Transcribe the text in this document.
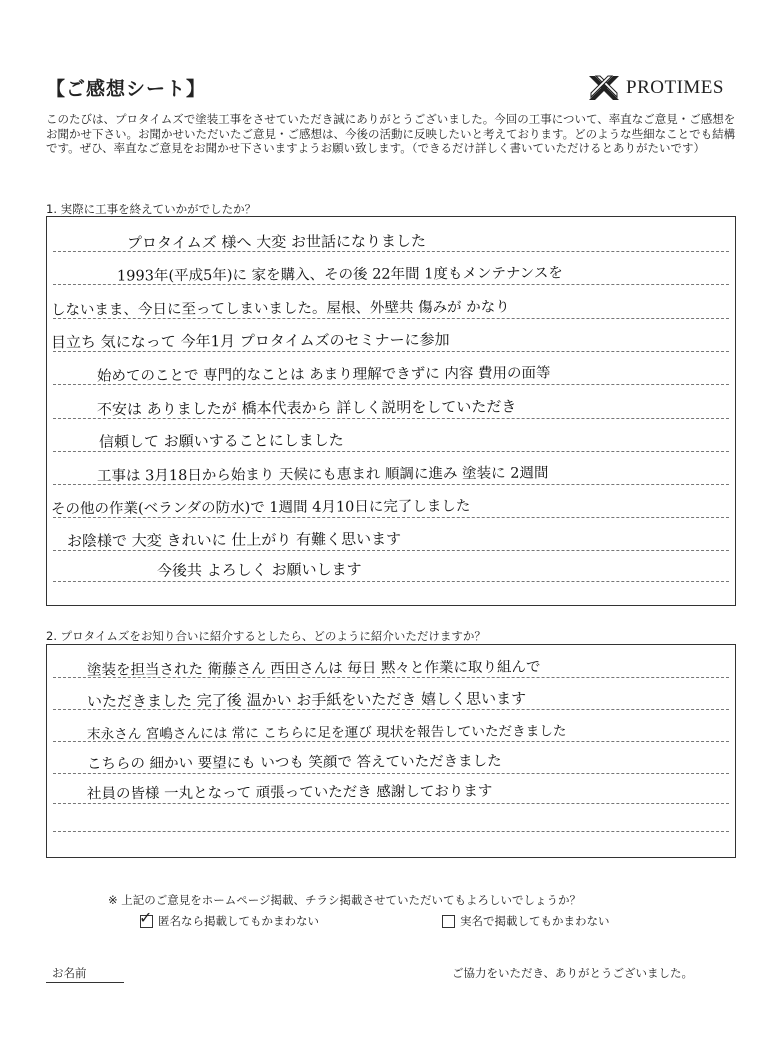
【ご感想シート】	PROTIMES
このたびは、プロタイムズで塗装工事をさせていただき誠にありがとうございました。今回の工事について、率直なご意見・ご感想をお聞かせ下さい。お聞かせいただいたご意見・ご感想は、今後の活動に反映したいと考えております。どのような些細なことでも結構です。ぜひ、率直なご意見をお聞かせ下さいますようお願い致します。（できるだけ詳しく書いていただけるとありがたいです）
1. 実際に工事を終えていかがでしたか？
プロタイムズ 様へ 大変 お世話になりました
1993年(平成5年)に 家を購入、その後 22年間 1度もメンテナンスを
しないまま、今日に至ってしまいました。屋根、外壁共 傷みが かなり
目立ち 気になって 今年1月 プロタイムズのセミナーに参加
始めてのことで 専門的なことは あまり理解できずに 内容 費用の面等
不安は ありましたが 橋本代表から 詳しく説明をしていただき
信頼して お願いすることにしました
工事は 3月18日から始まり 天候にも恵まれ 順調に進み 塗装に 2週間
その他の作業(ベランダの防水)で 1週間 4月10日に完了しました
お陰様で 大変 きれいに 仕上がり 有難く思います
今後共 よろしく お願いします
2. プロタイムズをお知り合いに紹介するとしたら、どのように紹介いただけますか？
塗装を担当された 衛藤さん 西田さんは 毎日 黙々と作業に取り組んで
いただきました 完了後 温かい お手紙をいただき 嬉しく思います
末永さん 宮嶋さんには 常に こちらに足を運び 現状を報告していただきました
こちらの 細かい 要望にも いつも 笑顔で 答えていただきました
社員の皆様 一丸となって 頑張っていただき 感謝しております
※ 上記のご意見をホームページ掲載、チラシ掲載させていただいてもよろしいでしょうか？
✓ 匿名なら掲載してもかまわない	実名で掲載してもかまわない
お名前	ご協力をいただき、ありがとうございました。
